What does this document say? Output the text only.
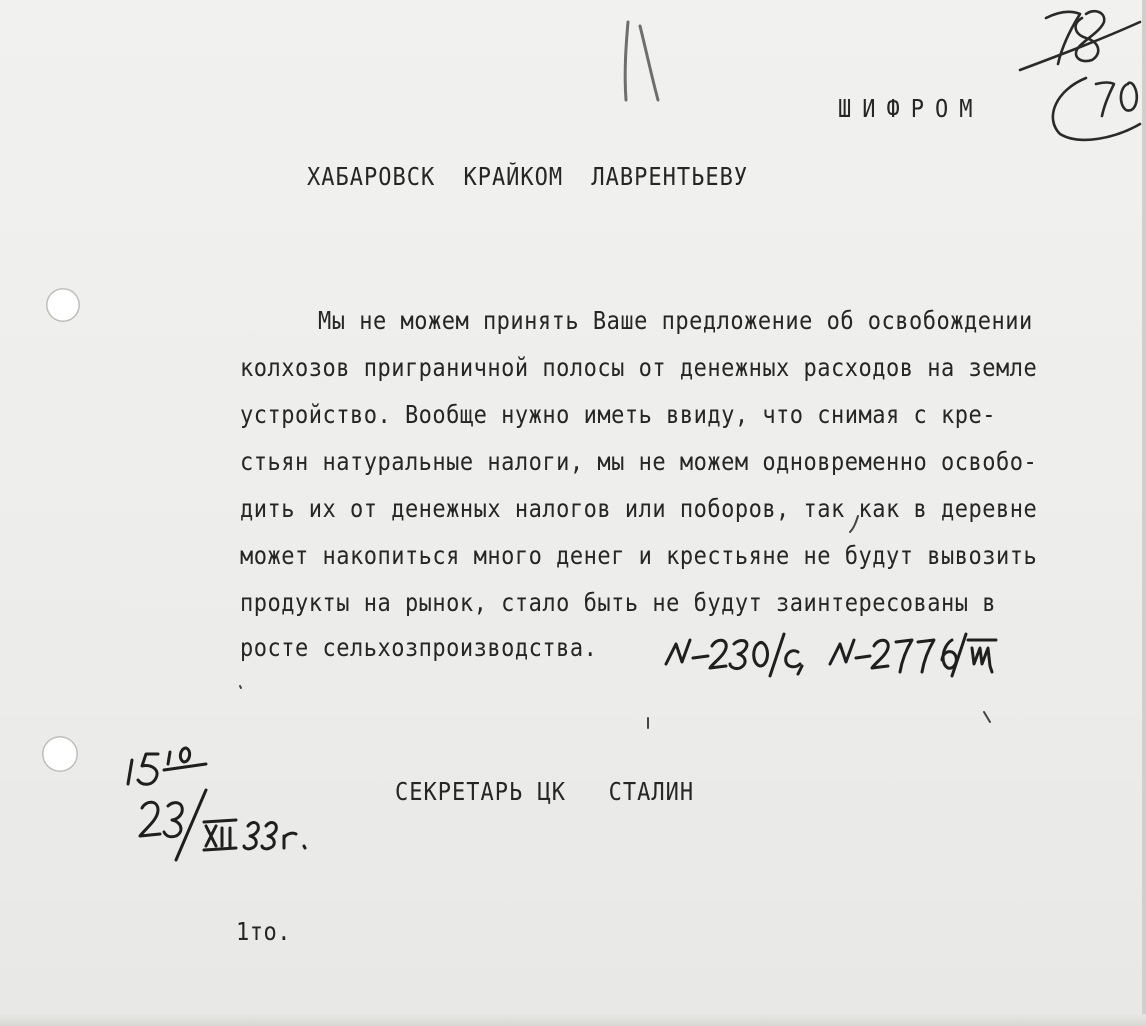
ШИФРОМ
ХАБАРОВСК КРАЙКОМ ЛАВРЕНТЬЕВУ
Мы не можем принять Ваше предложение об освобождении
колхозов приграничной полосы от денежных расходов на земле
устройство. Вообще нужно иметь ввиду, что снимая с кре-
стьян натуральные налоги, мы не можем одновременно освобо-
дить их от денежных налогов или поборов, так как в деревне
может накопиться много денег и крестьяне не будут вывозить
продукты на рынок, стало быть не будут заинтересованы в
росте сельхозпроизводства.
СЕКРЕТАРЬ ЦК   СТАЛИН
1то.
